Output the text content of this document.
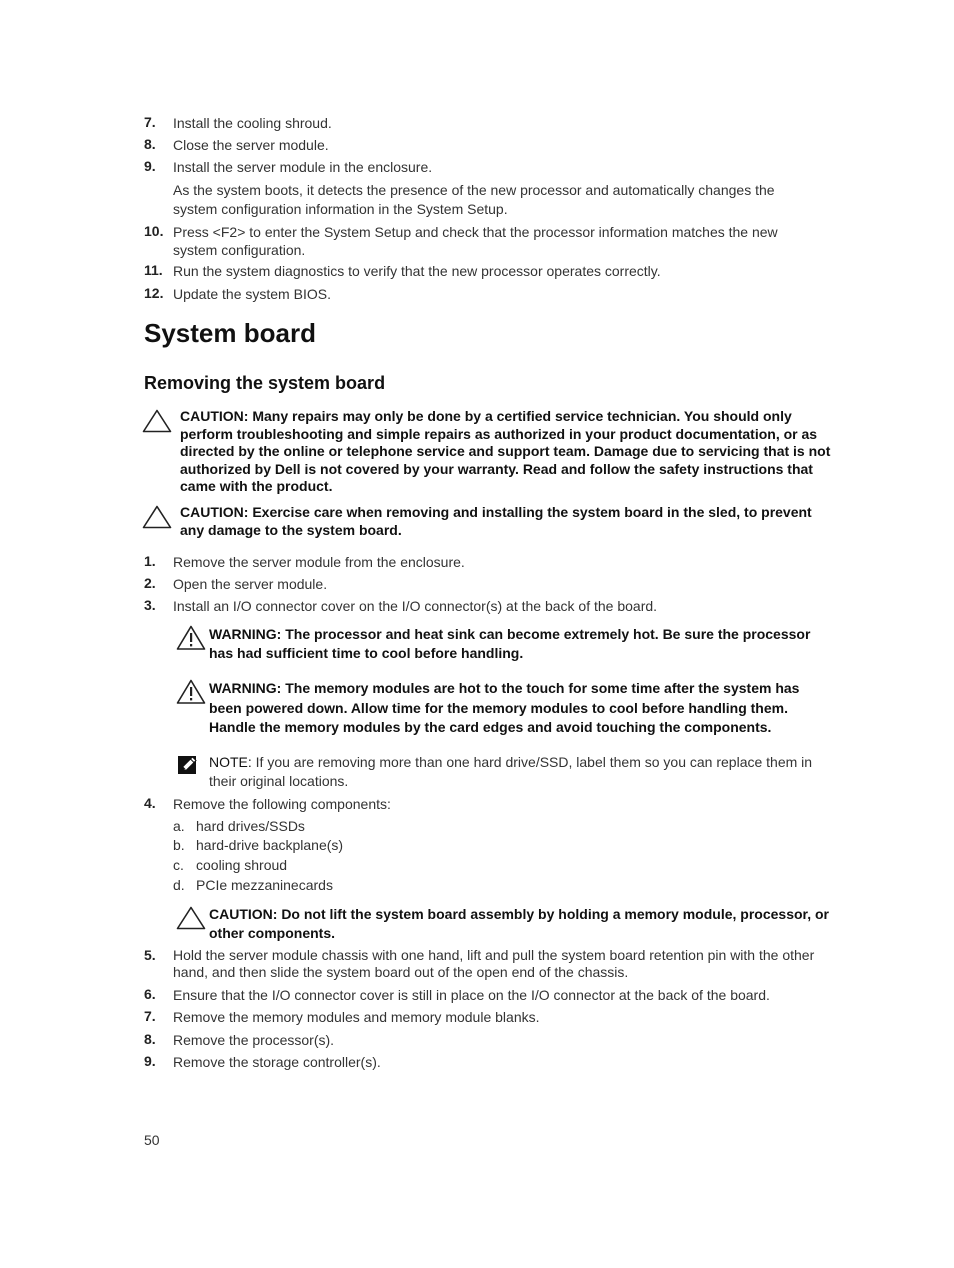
7.	Install the cooling shroud.
8.	Close the server module.
9.	Install the server module in the enclosure.
As the system boots, it detects the presence of the new processor and automatically changes the system configuration information in the System Setup.
10. Press <F2> to enter the System Setup and check that the processor information matches the new system configuration.
11. Run the system diagnostics to verify that the new processor operates correctly.
12. Update the system BIOS.
System board
Removing the system board
CAUTION: Many repairs may only be done by a certified service technician. You should only perform troubleshooting and simple repairs as authorized in your product documentation, or as directed by the online or telephone service and support team. Damage due to servicing that is not authorized by Dell is not covered by your warranty. Read and follow the safety instructions that came with the product.
CAUTION: Exercise care when removing and installing the system board in the sled, to prevent any damage to the system board.
1.	Remove the server module from the enclosure.
2.	Open the server module.
3.	Install an I/O connector cover on the I/O connector(s) at the back of the board.
WARNING: The processor and heat sink can become extremely hot. Be sure the processor has had sufficient time to cool before handling.
WARNING: The memory modules are hot to the touch for some time after the system has been powered down. Allow time for the memory modules to cool before handling them. Handle the memory modules by the card edges and avoid touching the components.
NOTE: If you are removing more than one hard drive/SSD, label them so you can replace them in their original locations.
4.	Remove the following components:
a. hard drives/SSDs
b. hard-drive backplane(s)
c. cooling shroud
d. PCIe mezzaninecards
CAUTION: Do not lift the system board assembly by holding a memory module, processor, or other components.
5.	Hold the server module chassis with one hand, lift and pull the system board retention pin with the other hand, and then slide the system board out of the open end of the chassis.
6.	Ensure that the I/O connector cover is still in place on the I/O connector at the back of the board.
7.	Remove the memory modules and memory module blanks.
8.	Remove the processor(s).
9.	Remove the storage controller(s).
50
